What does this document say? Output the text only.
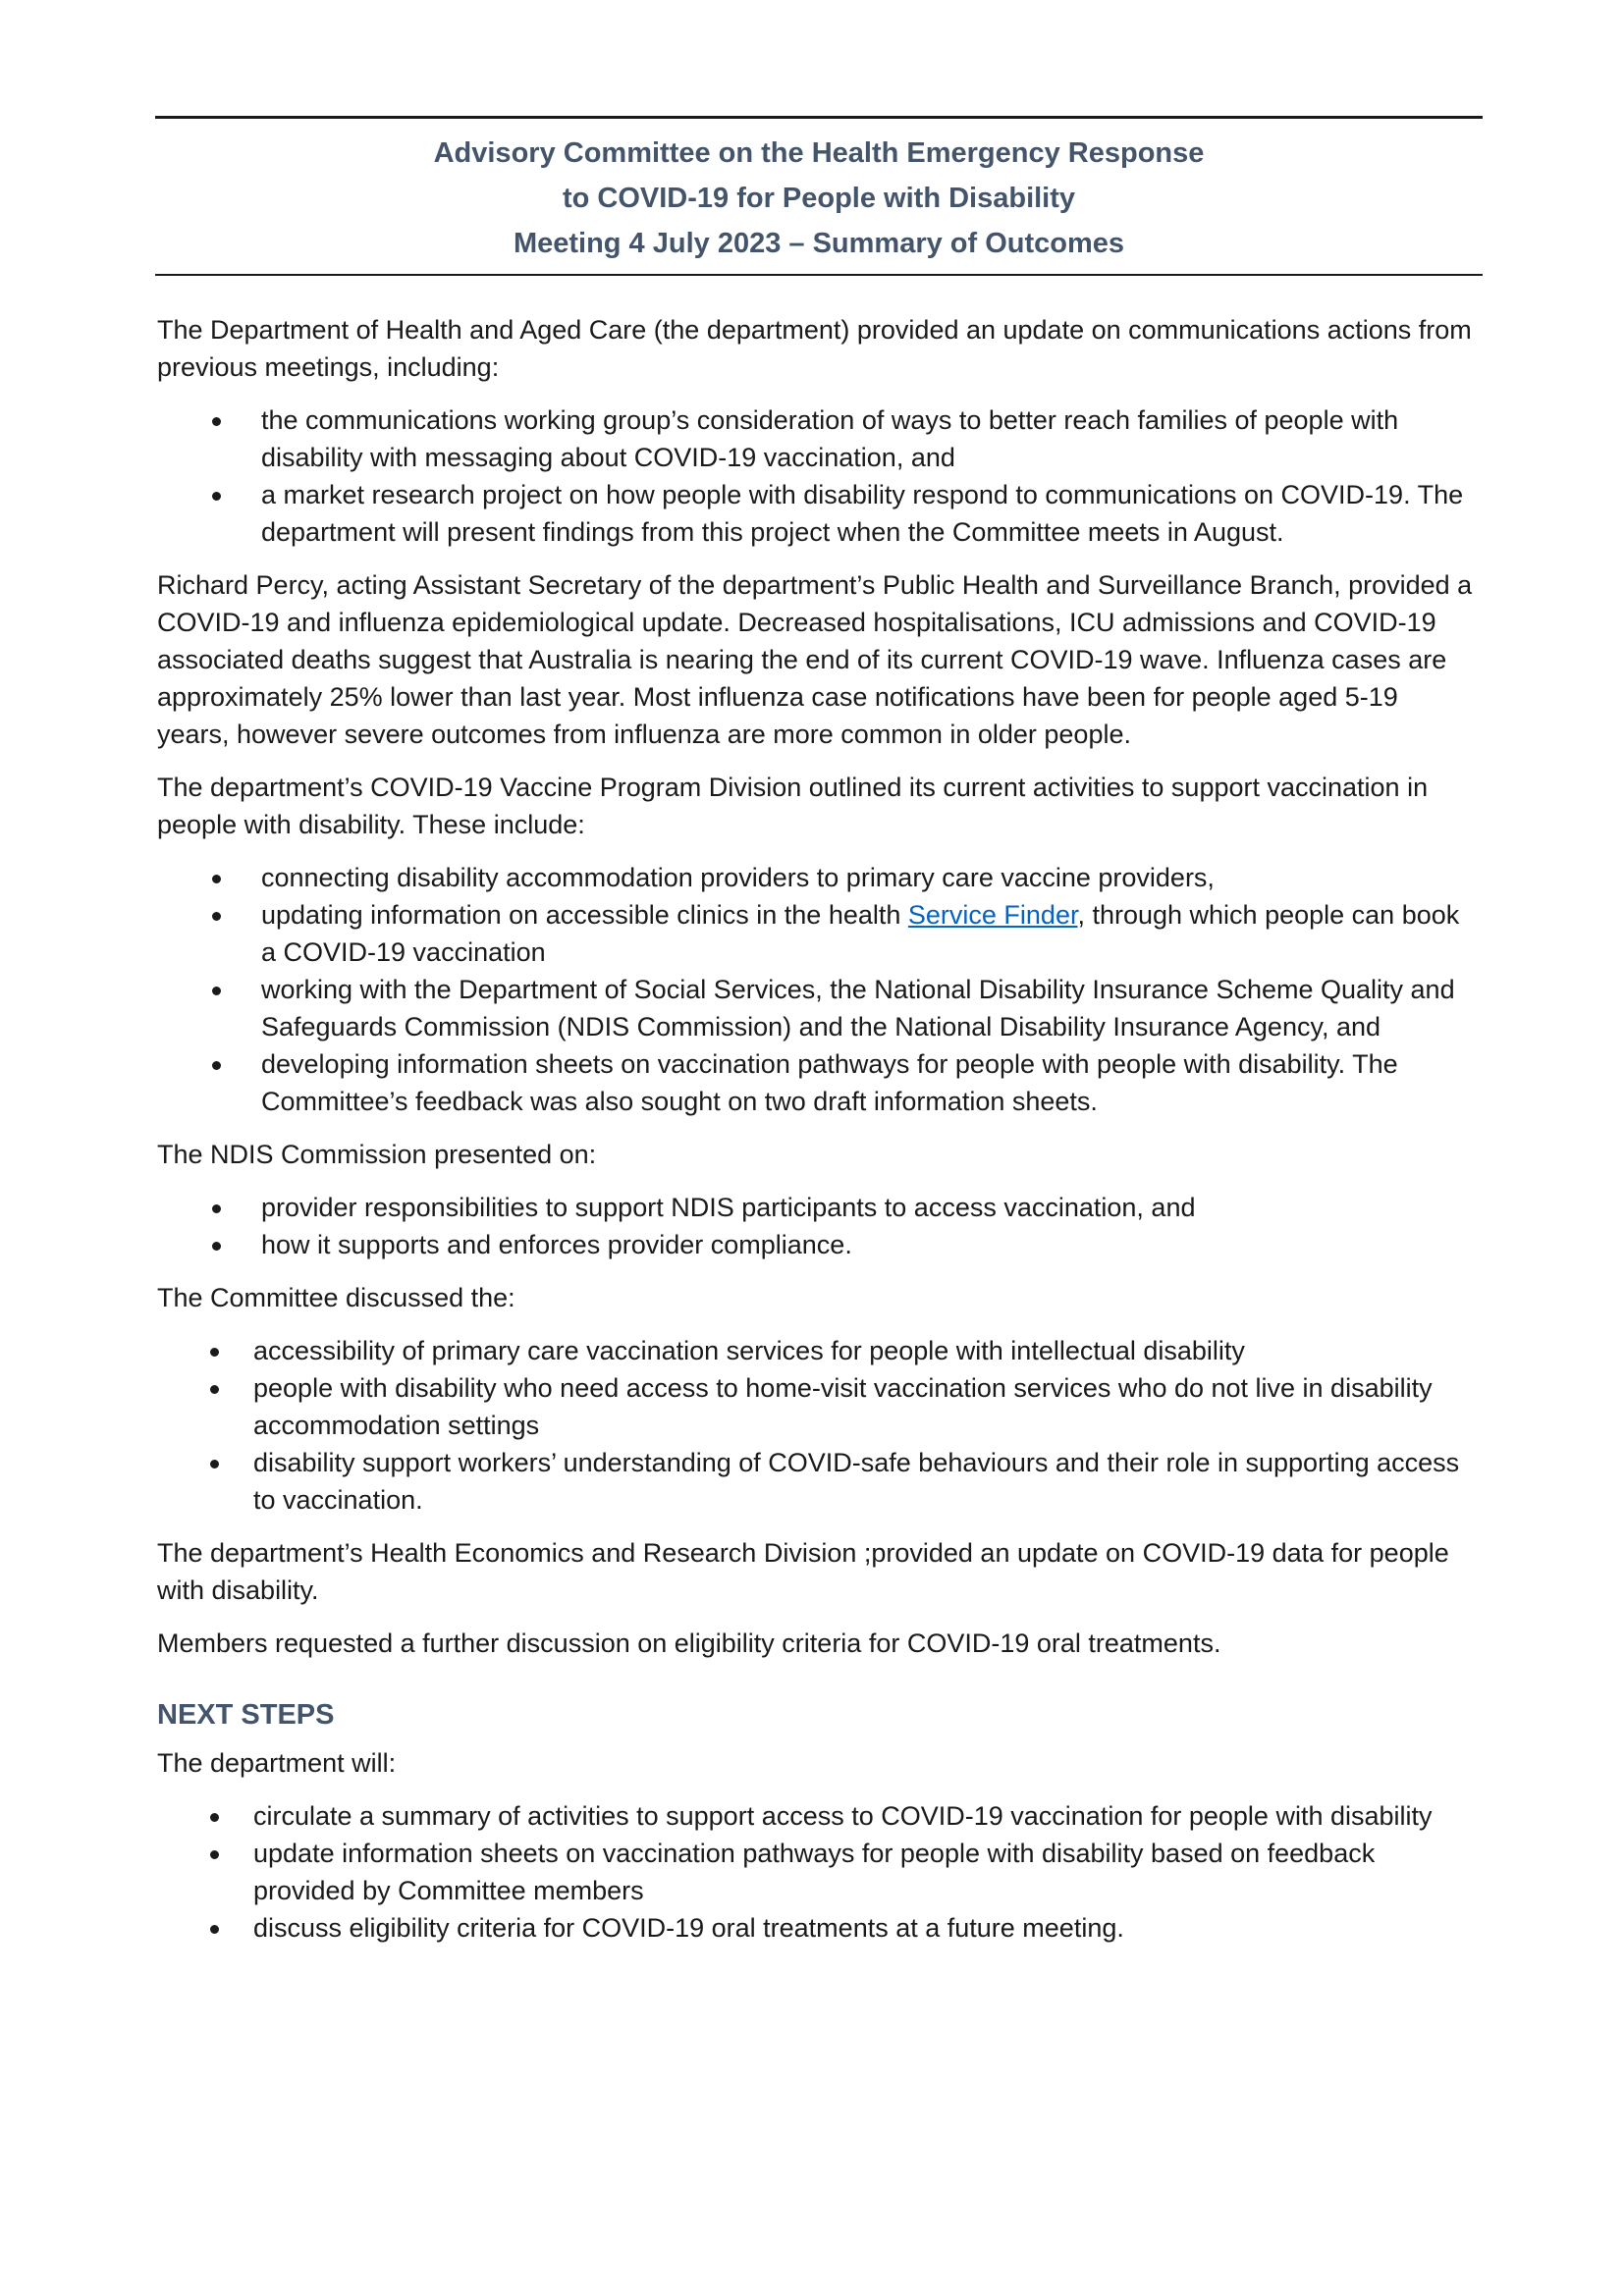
Advisory Committee on the Health Emergency Response
to COVID-19 for People with Disability
Meeting 4 July 2023 – Summary of Outcomes

The Department of Health and Aged Care (the department) provided an update on communications actions from previous meetings, including:

the communications working group’s consideration of ways to better reach families of people with disability with messaging about COVID-19 vaccination, and
a market research project on how people with disability respond to communications on COVID-19. The department will present findings from this project when the Committee meets in August.

Richard Percy, acting Assistant Secretary of the department’s Public Health and Surveillance Branch, provided a COVID-19 and influenza epidemiological update. Decreased hospitalisations, ICU admissions and COVID-19 associated deaths suggest that Australia is nearing the end of its current COVID-19 wave. Influenza cases are approximately 25% lower than last year. Most influenza case notifications have been for people aged 5-19 years, however severe outcomes from influenza are more common in older people.

The department’s COVID-19 Vaccine Program Division outlined its current activities to support vaccination in people with disability. These include:

connecting disability accommodation providers to primary care vaccine providers,
updating information on accessible clinics in the health Service Finder, through which people can book a COVID-19 vaccination
working with the Department of Social Services, the National Disability Insurance Scheme Quality and Safeguards Commission (NDIS Commission) and the National Disability Insurance Agency, and
developing information sheets on vaccination pathways for people with people with disability. The Committee’s feedback was also sought on two draft information sheets.

The NDIS Commission presented on:

provider responsibilities to support NDIS participants to access vaccination, and
how it supports and enforces provider compliance.

The Committee discussed the:

accessibility of primary care vaccination services for people with intellectual disability
people with disability who need access to home-visit vaccination services who do not live in disability accommodation settings
disability support workers’ understanding of COVID-safe behaviours and their role in supporting access to vaccination.

The department’s Health Economics and Research Division ;provided an update on COVID-19 data for people with disability.

Members requested a further discussion on eligibility criteria for COVID-19 oral treatments.

NEXT STEPS

The department will:

circulate a summary of activities to support access to COVID-19 vaccination for people with disability
update information sheets on vaccination pathways for people with disability based on feedback provided by Committee members
discuss eligibility criteria for COVID-19 oral treatments at a future meeting.
